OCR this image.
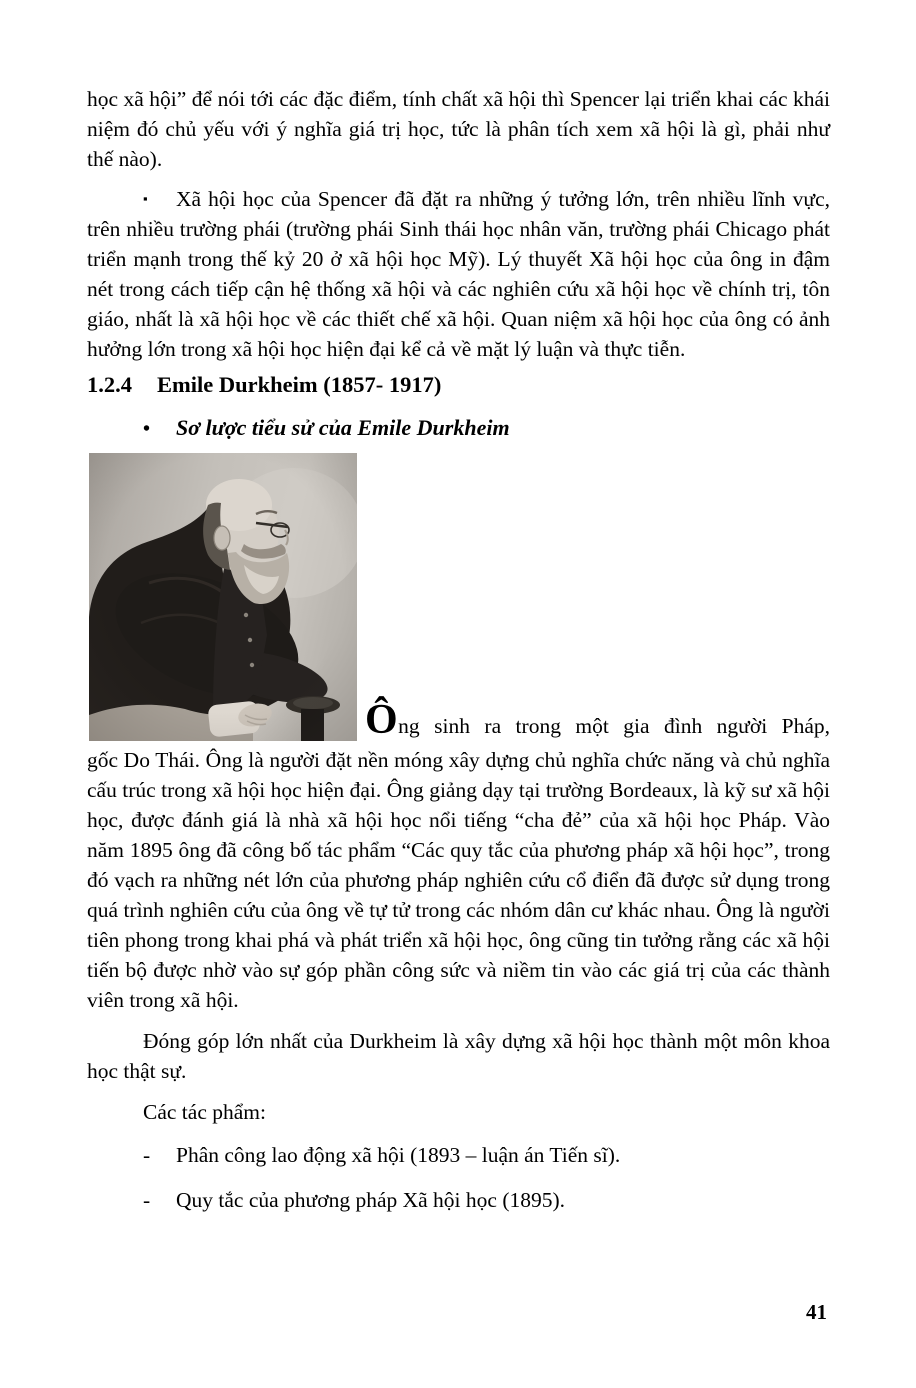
học xã hội” để nói tới các đặc điểm, tính chất xã hội thì Spencer lại triển khai các khái niệm đó chủ yếu với ý nghĩa giá trị học, tức là phân tích xem xã hội là gì, phải như thế nào).

▪ Xã hội học của Spencer đã đặt ra những ý tưởng lớn, trên nhiều lĩnh vực, trên nhiều trường phái (trường phái Sinh thái học nhân văn, trường phái Chicago phát triển mạnh trong thế kỷ 20 ở xã hội học Mỹ). Lý thuyết Xã hội học của ông in đậm nét trong cách tiếp cận hệ thống xã hội và các nghiên cứu xã hội học về chính trị, tôn giáo, nhất là xã hội học về các thiết chế xã hội. Quan niệm xã hội học của ông có ảnh hưởng lớn trong xã hội học hiện đại kể cả về mặt lý luận và thực tiễn.

1.2.4 Emile Durkheim (1857- 1917)

• Sơ lược tiểu sử của Emile Durkheim

Ông sinh ra trong một gia đình người Pháp,

gốc Do Thái. Ông là người đặt nền móng xây dựng chủ nghĩa chức năng và chủ nghĩa cấu trúc trong xã hội học hiện đại. Ông giảng dạy tại trường Bordeaux, là kỹ sư xã hội học, được đánh giá là nhà xã hội học nổi tiếng “cha đẻ” của xã hội học Pháp. Vào năm 1895 ông đã công bố tác phẩm “Các quy tắc của phương pháp xã hội học”, trong đó vạch ra những nét lớn của phương pháp nghiên cứu cổ điển đã được sử dụng trong quá trình nghiên cứu của ông về tự tử trong các nhóm dân cư khác nhau. Ông là người tiên phong trong khai phá và phát triển xã hội học, ông cũng tin tưởng rằng các xã hội tiến bộ được nhờ vào sự góp phần công sức và niềm tin vào các giá trị của các thành viên trong xã hội.

Đóng góp lớn nhất của Durkheim là xây dựng xã hội học thành một môn khoa học thật sự.

Các tác phẩm:

- Phân công lao động xã hội (1893 – luận án Tiến sĩ).

- Quy tắc của phương pháp Xã hội học (1895).

41
